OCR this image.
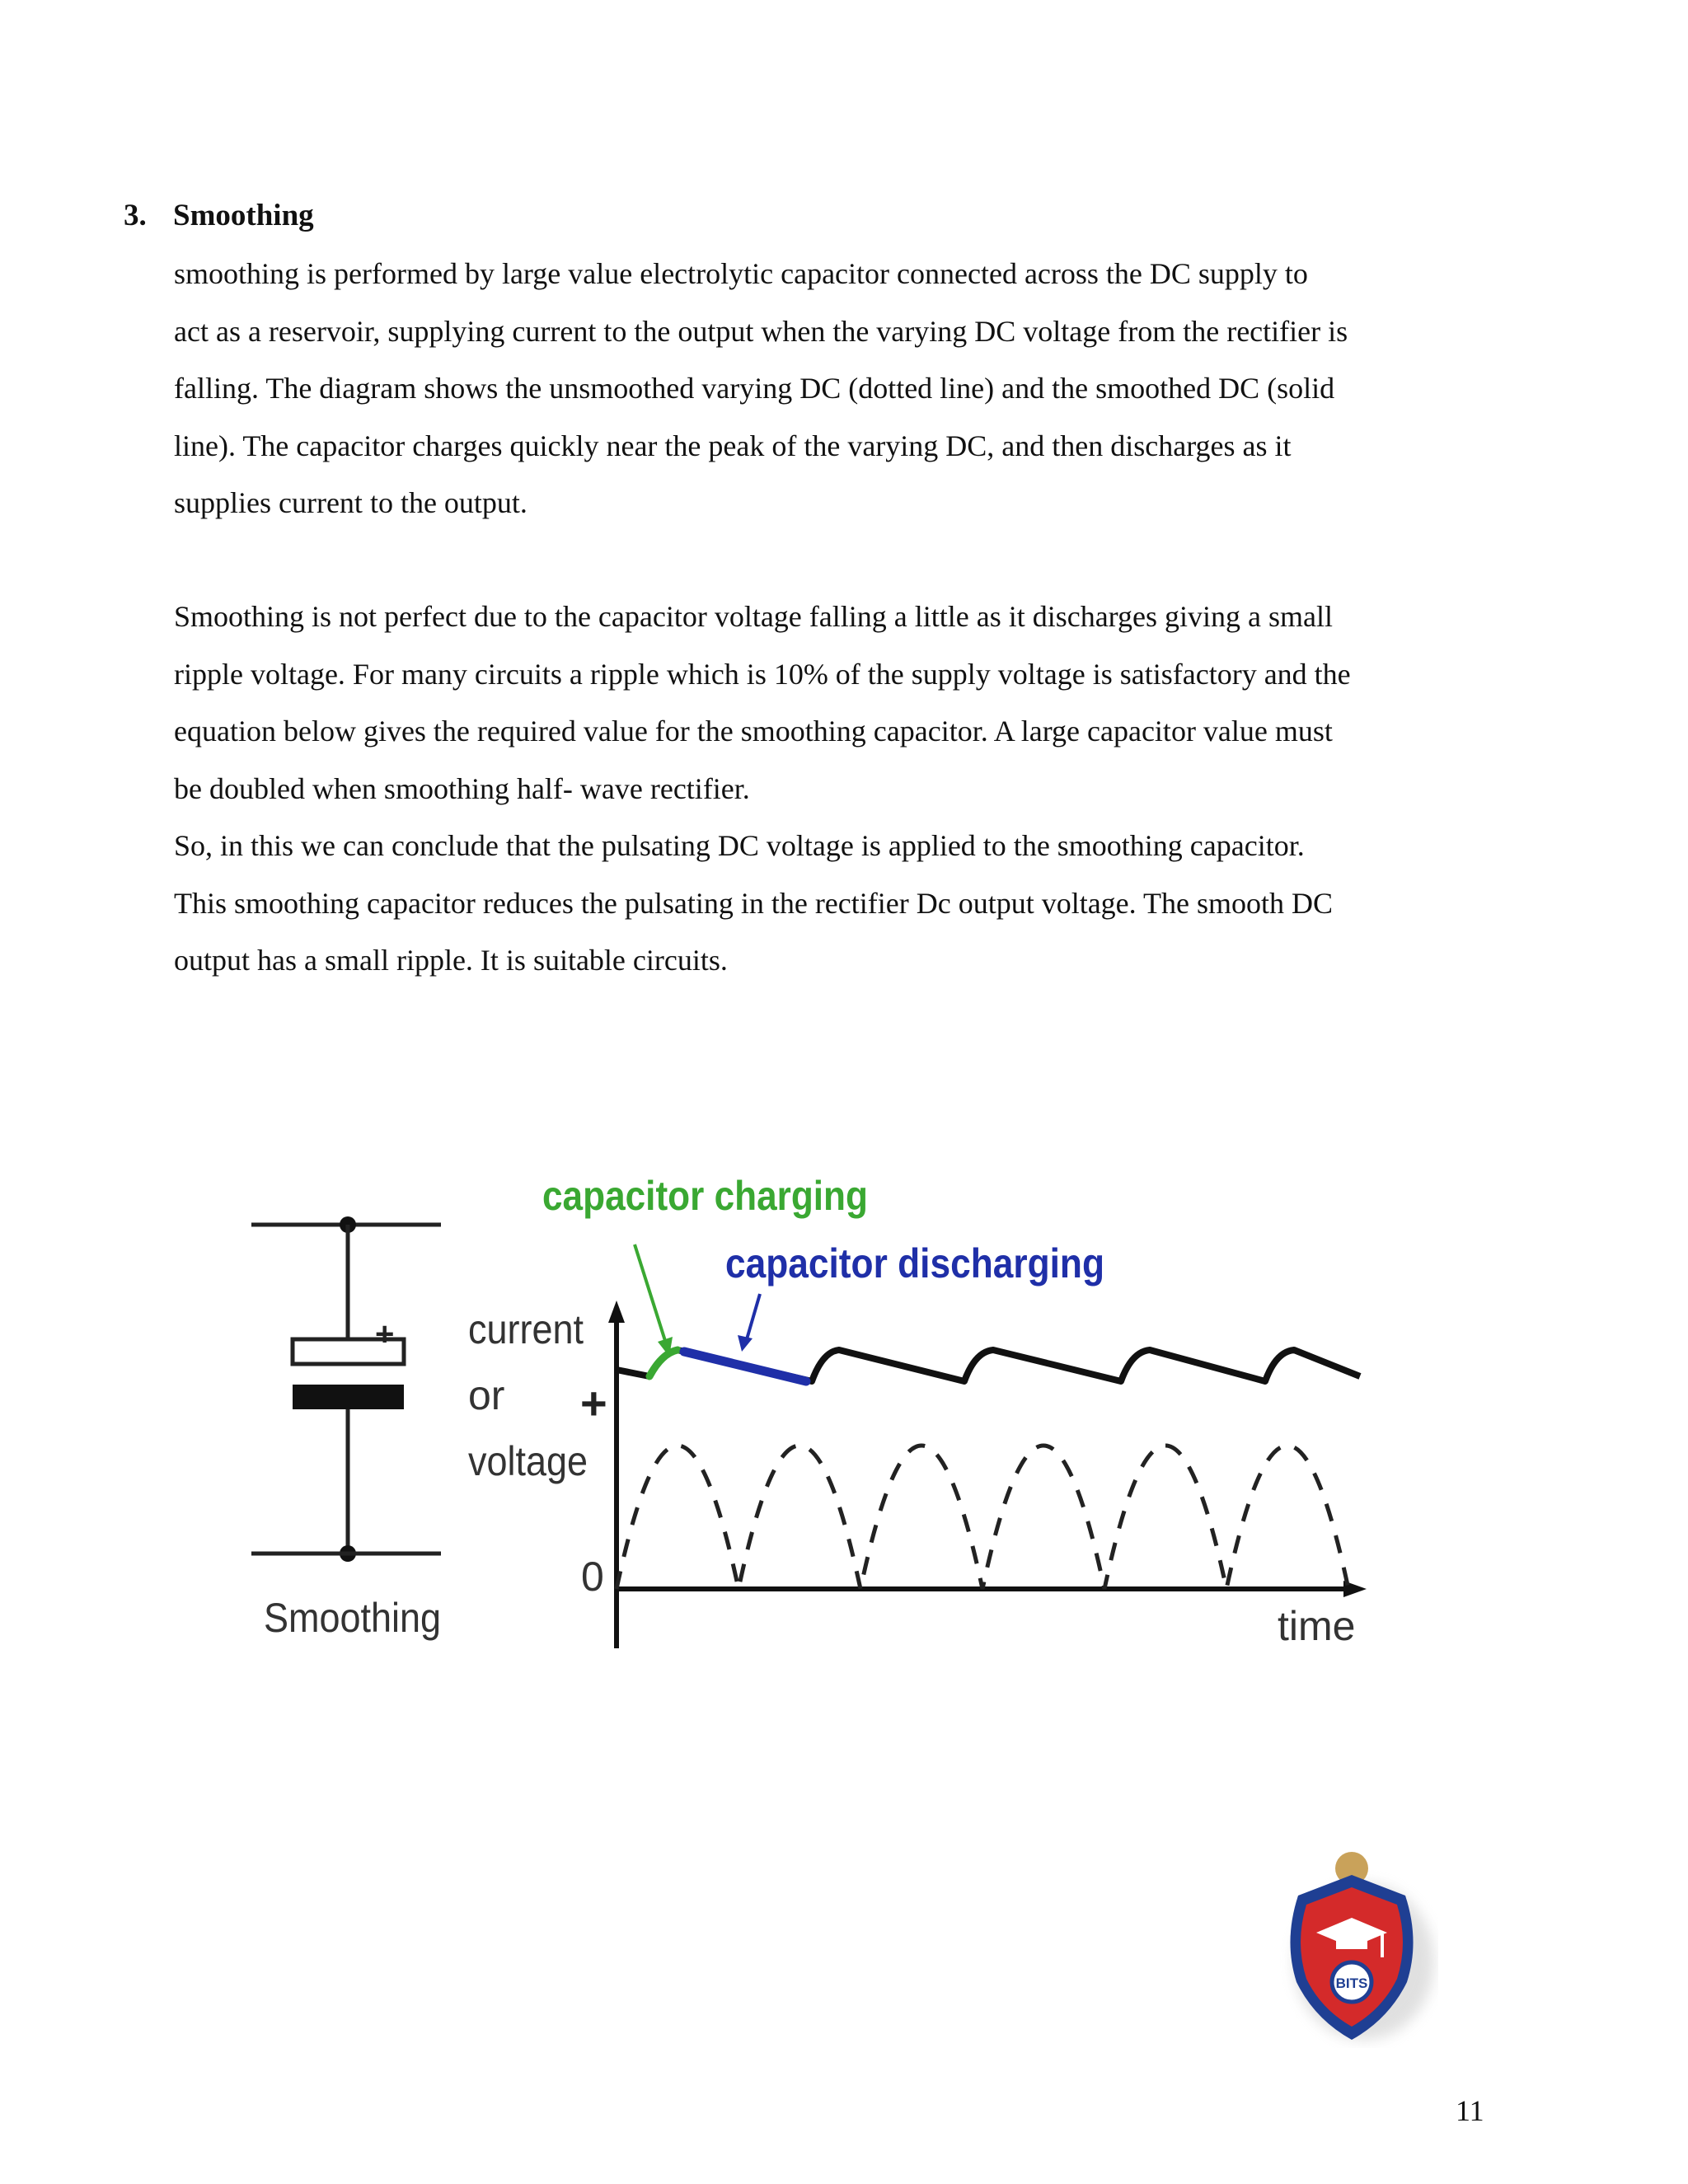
3. Smoothing
smoothing is performed by large value electrolytic capacitor connected across the DC supply to
act as a reservoir, supplying current to the output when the varying DC voltage from the rectifier is
falling. The diagram shows the unsmoothed varying DC (dotted line) and the smoothed DC (solid
line). The capacitor charges quickly near the peak of the varying DC, and then discharges as it
supplies current to the output.
Smoothing is not perfect due to the capacitor voltage falling a little as it discharges giving a small
ripple voltage. For many circuits a ripple which is 10% of the supply voltage is satisfactory and the
equation below gives the required value for the smoothing capacitor. A large capacitor value must
be doubled when smoothing half- wave rectifier.
So, in this we can conclude that the pulsating DC voltage is applied to the smoothing capacitor.
This smoothing capacitor reduces the pulsating in the rectifier Dc output voltage. The smooth DC
output has a small ripple. It is suitable circuits.
+
Smoothing
current
or
voltage
+
0
time
capacitor charging
capacitor discharging
BITS
11
